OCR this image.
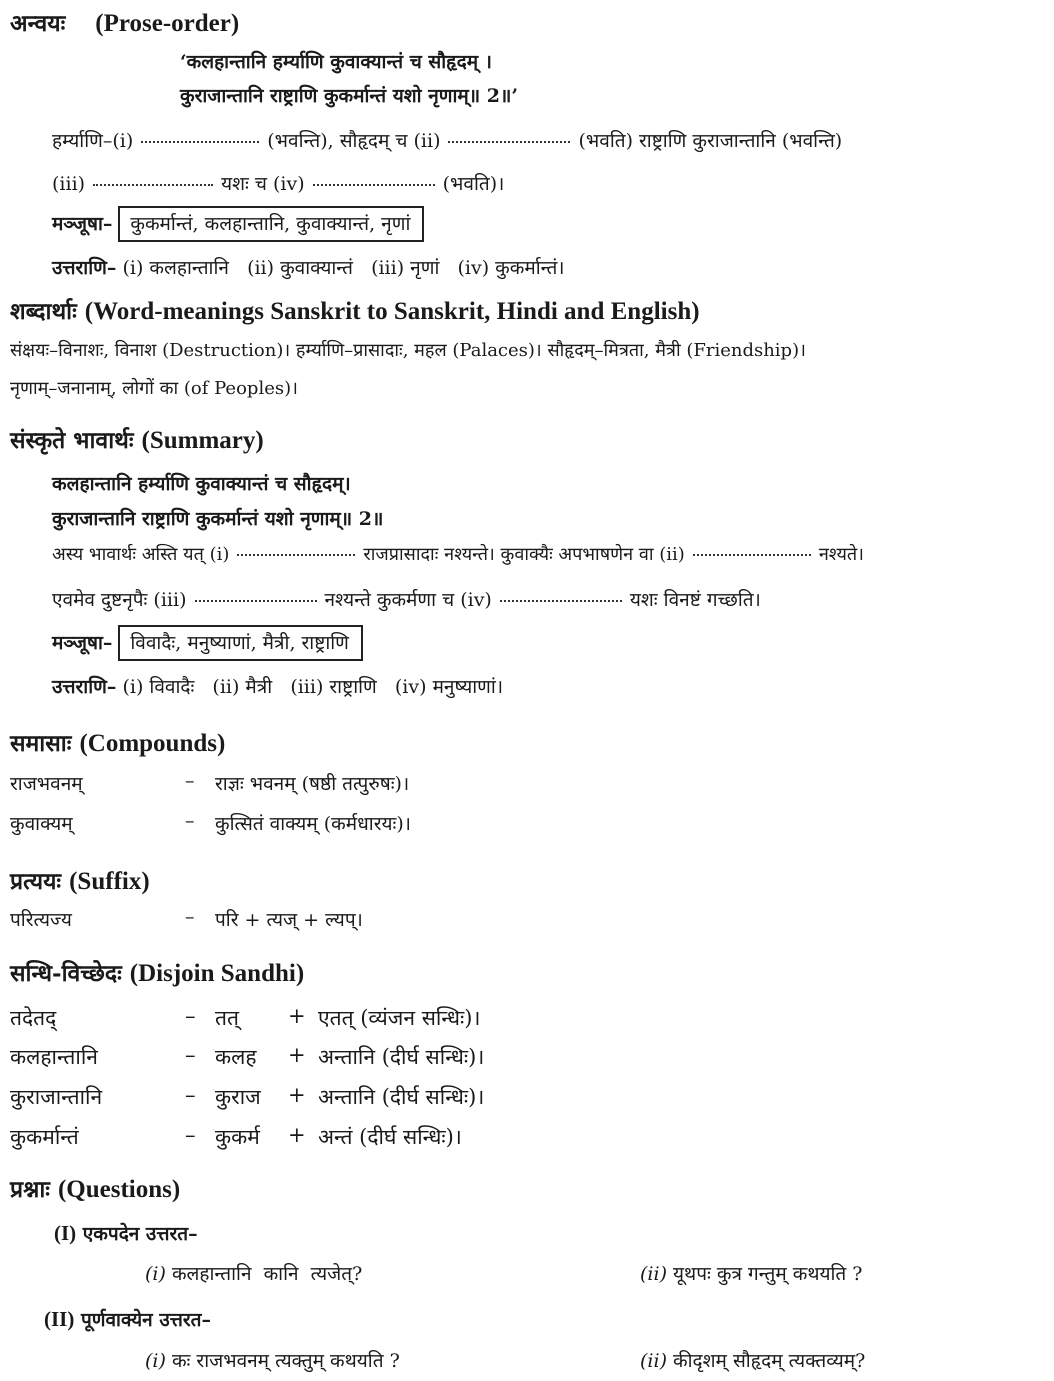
अन्वयः (Prose-order)
‘कलहान्तानि हर्म्याणि कुवाक्यान्तं च सौहृदम् ।
कुराजान्तानि राष्ट्राणि कुकर्मान्तं यशो नृणाम्॥ 2॥’
हर्म्याणि–(i)	(भवन्ति), सौहृदम् च (ii)	(भवति) राष्ट्राणि कुराजान्तानि (भवन्ति)
(iii)	यशः च (iv)	(भवति)।
मञ्जूषा– कुकर्मान्तं, कलहान्तानि, कुवाक्यान्तं, नृणां
उत्तराणि– (i) कलहान्तानि   (ii) कुवाक्यान्तं   (iii) नृणां   (iv) कुकर्मान्तं।
शब्दार्थाः (Word-meanings Sanskrit to Sanskrit, Hindi and English)
संक्षयः–विनाशः, विनाश (Destruction)। हर्म्याणि–प्रासादाः, महल (Palaces)। सौहृदम्–मित्रता, मैत्री (Friendship)।
नृणाम्–जनानाम्, लोगों का (of Peoples)।
संस्कृते भावार्थः (Summary)
कलहान्तानि हर्म्याणि कुवाक्यान्तं च सौहृदम्।
कुराजान्तानि राष्ट्राणि कुकर्मान्तं यशो नृणाम्॥ 2॥
अस्य भावार्थः अस्ति यत् (i)	राजप्रासादाः नश्यन्ते। कुवाक्यैः अपभाषणेन वा (ii)	नश्यते।
एवमेव दुष्टनृपैः (iii)	नश्यन्ते कुकर्मणा च (iv)	यशः विनष्टं गच्छति।
मञ्जूषा– विवादैः, मनुष्याणां, मैत्री, राष्ट्राणि
उत्तराणि– (i) विवादैः   (ii) मैत्री   (iii) राष्ट्राणि   (iv) मनुष्याणां।
समासाः (Compounds)
राजभवनम्	– राज्ञः भवनम् (षष्ठी तत्पुरुषः)।
कुवाक्यम्	– कुत्सितं वाक्यम् (कर्मधारयः)।
प्रत्ययः (Suffix)
परित्यज्य	– परि + त्यज् + ल्यप्।
सन्धि-विच्छेदः (Disjoin Sandhi)
तदेतद्	– तत् + एतत् (व्यंजन सन्धिः)।
कलहान्तानि	– कलह + अन्तानि (दीर्घ सन्धिः)।
कुराजान्तानि	– कुराज + अन्तानि (दीर्घ सन्धिः)।
कुकर्मान्तं	– कुकर्म + अन्तं (दीर्घ सन्धिः)।
प्रश्नाः (Questions)
(I) एकपदेन उत्तरत–
(i) कलहान्तानि  कानि  त्यजेत्?	(ii) यूथपः कुत्र गन्तुम् कथयति ?
(II) पूर्णवाक्येन उत्तरत–
(i) कः राजभवनम् त्यक्तुम् कथयति ?	(ii) कीदृशम् सौहृदम् त्यक्तव्यम्?
